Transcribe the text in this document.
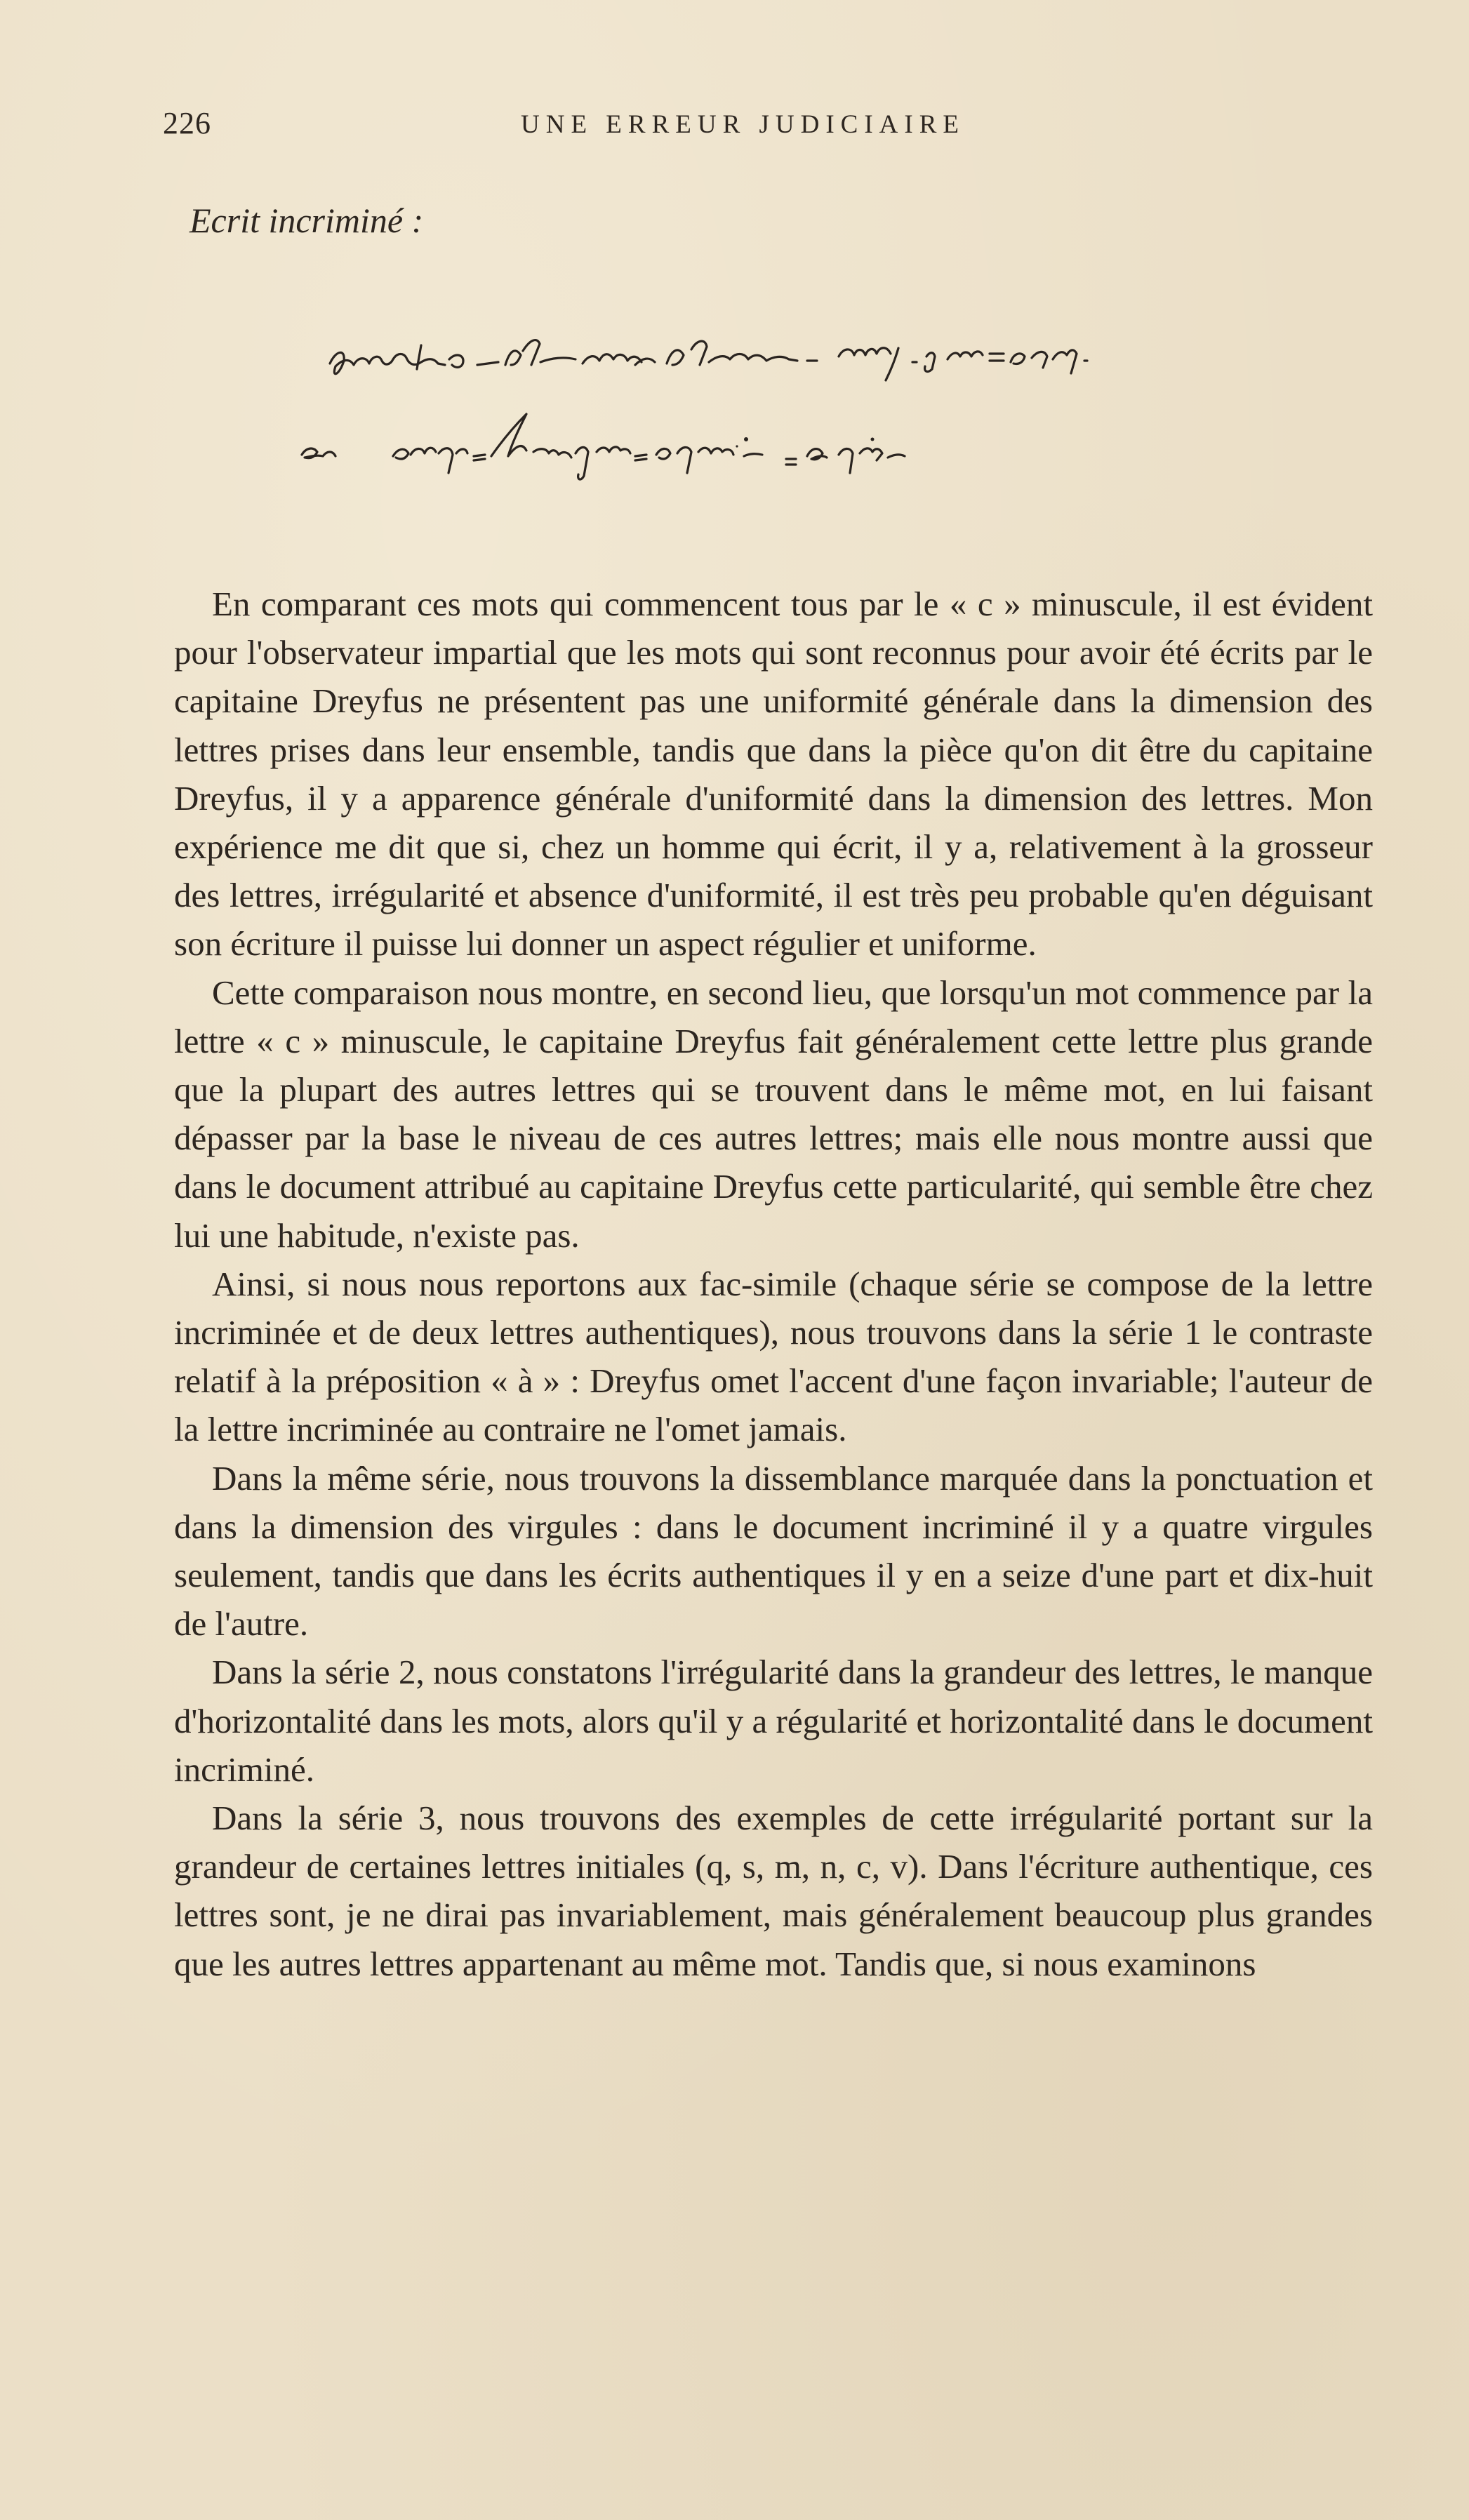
226	UNE ERREUR JUDICIAIRE
Ecrit incriminé :

En comparant ces mots qui commencent tous par le « c » minuscule, il est évident pour l'observateur impartial que les mots qui sont reconnus pour avoir été écrits par le capitaine Dreyfus ne présentent pas une uniformité générale dans la dimension des lettres prises dans leur ensemble, tandis que dans la pièce qu'on dit être du capitaine Dreyfus, il y a apparence générale d'uniformité dans la dimension des lettres. Mon expérience me dit que si, chez un homme qui écrit, il y a, relativement à la grosseur des lettres, irrégularité et absence d'uniformité, il est très peu probable qu'en déguisant son écriture il puisse lui donner un aspect régulier et uniforme.

Cette comparaison nous montre, en second lieu, que lorsqu'un mot commence par la lettre « c » minuscule, le capitaine Dreyfus fait généralement cette lettre plus grande que la plupart des autres lettres qui se trouvent dans le même mot, en lui faisant dépasser par la base le niveau de ces autres lettres; mais elle nous montre aussi que dans le document attribué au capitaine Dreyfus cette particularité, qui semble être chez lui une habitude, n'existe pas.

Ainsi, si nous nous reportons aux fac-simile (chaque série se compose de la lettre incriminée et de deux lettres authentiques), nous trouvons dans la série 1 le contraste relatif à la préposition « à » : Dreyfus omet l'accent d'une façon invariable; l'auteur de la lettre incriminée au contraire ne l'omet jamais.

Dans la même série, nous trouvons la dissemblance marquée dans la ponctuation et dans la dimension des virgules : dans le document incriminé il y a quatre virgules seulement, tandis que dans les écrits authentiques il y en a seize d'une part et dix-huit de l'autre.

Dans la série 2, nous constatons l'irrégularité dans la grandeur des lettres, le manque d'horizontalité dans les mots, alors qu'il y a régularité et horizontalité dans le document incriminé.

Dans la série 3, nous trouvons des exemples de cette irrégularité portant sur la grandeur de certaines lettres initiales (q, s, m, n, c, v). Dans l'écriture authentique, ces lettres sont, je ne dirai pas invariablement, mais généralement beaucoup plus grandes que les autres lettres appartenant au même mot. Tandis que, si nous examinons
